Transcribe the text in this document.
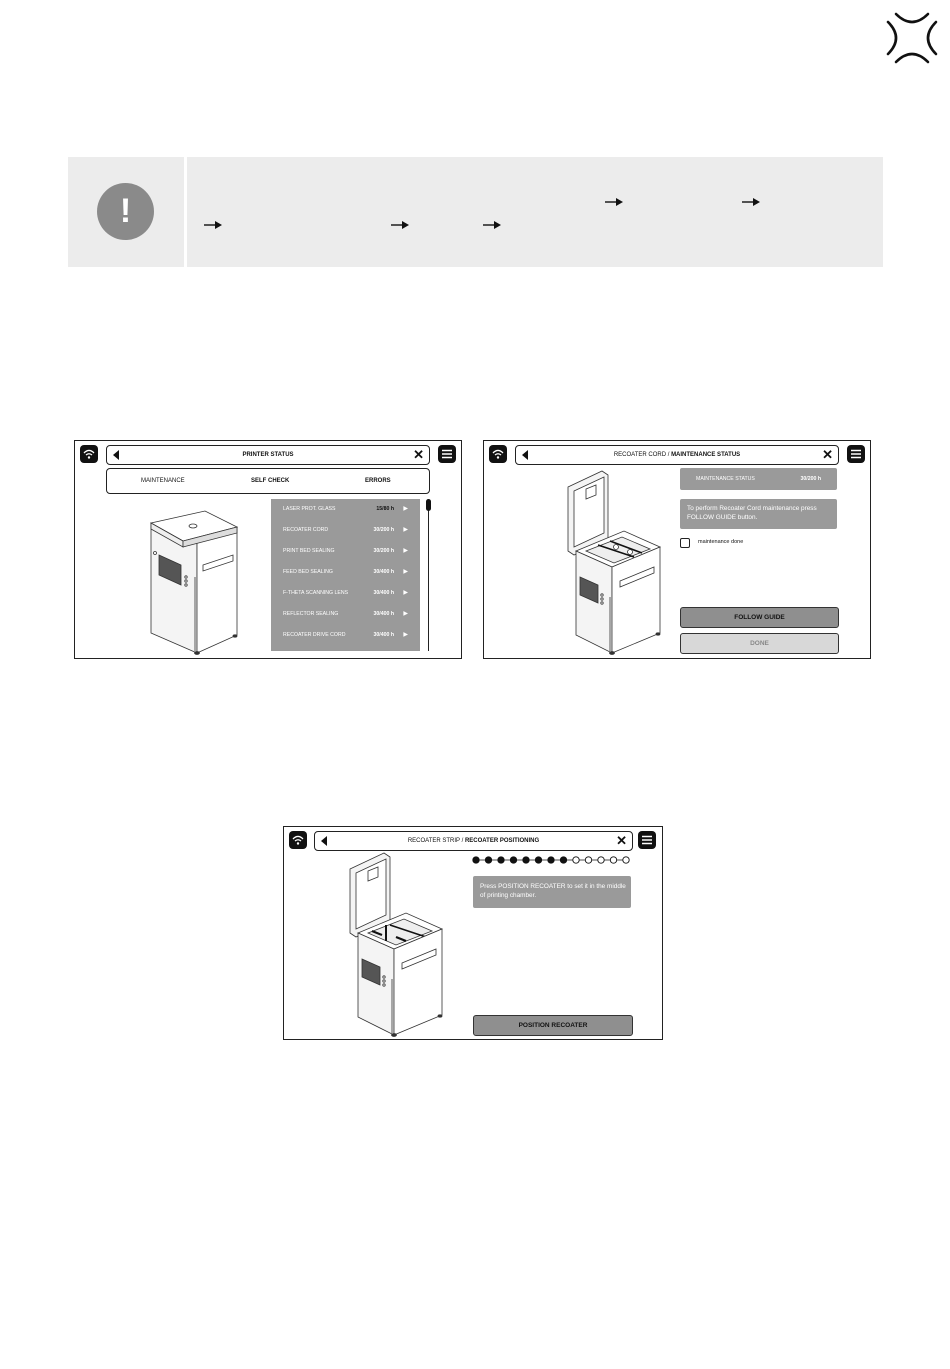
!
PRINTER STATUS	✕
MAINTENANCE	SELF CHECK	ERRORS
LASER PROT. GLASS	15/80 h ▶
RECOATER CORD	30/200 h ▶
PRINT BED SEALING	30/200 h ▶
FEED BED SEALING	30/400 h ▶
F-THETA SCANNING LENS	30/400 h ▶
REFLECTOR SEALING	30/400 h ▶
RECOATER DRIVE CORD	30/400 h ▶
RECOATER CORD / MAINTENANCE STATUS	✕
MAINTENANCE STATUS	30/200 h
To perform Recoater Cord maintenance press FOLLOW GUIDE button.
maintenance done
FOLLOW GUIDE
DONE
RECOATER STRIP / RECOATER POSITIONING	✕
Press POSITION RECOATER to set it in the middle of printing chamber.
POSITION RECOATER
